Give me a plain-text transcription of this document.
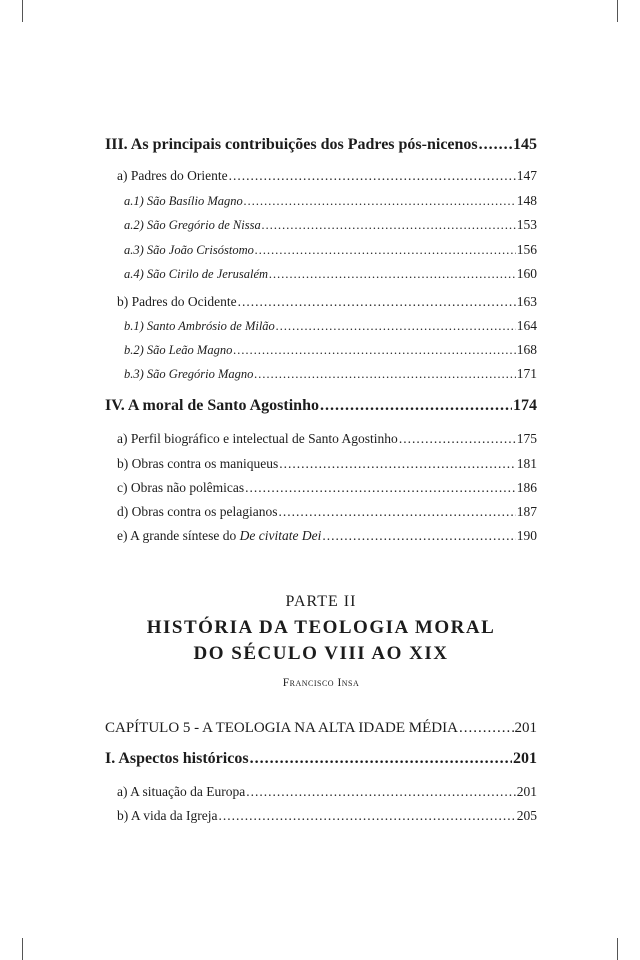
III. As principais contribuições dos Padres pós-nicenos ..... 145
a) Padres do Oriente .....	147
a.1) São Basílio Magno .....	148
a.2) São Gregório de Nissa .....	153
a.3) São João Crisóstomo .....	156
a.4) São Cirilo de Jerusalém .....	160
b) Padres do Ocidente .....	163
b.1) Santo Ambrósio de Milão .....	164
b.2) São Leão Magno .....	168
b.3) São Gregório Magno .....	171
IV. A moral de Santo Agostinho .....	174
a) Perfil biográfico e intelectual de Santo Agostinho .....	175
b) Obras contra os maniqueus .....	181
c) Obras não polêmicas .....	186
d) Obras contra os pelagianos .....	187
e) A grande síntese do De civitate Dei .....	190
PARTE II
HISTÓRIA DA TEOLOGIA MORAL
DO SÉCULO VIII AO XIX
Francisco Insa
CAPÍTULO 5 - A TEOLOGIA NA ALTA IDADE MÉDIA .....	201
I. Aspectos históricos .....	201
a) A situação da Europa .....	201
b) A vida da Igreja .....	205
